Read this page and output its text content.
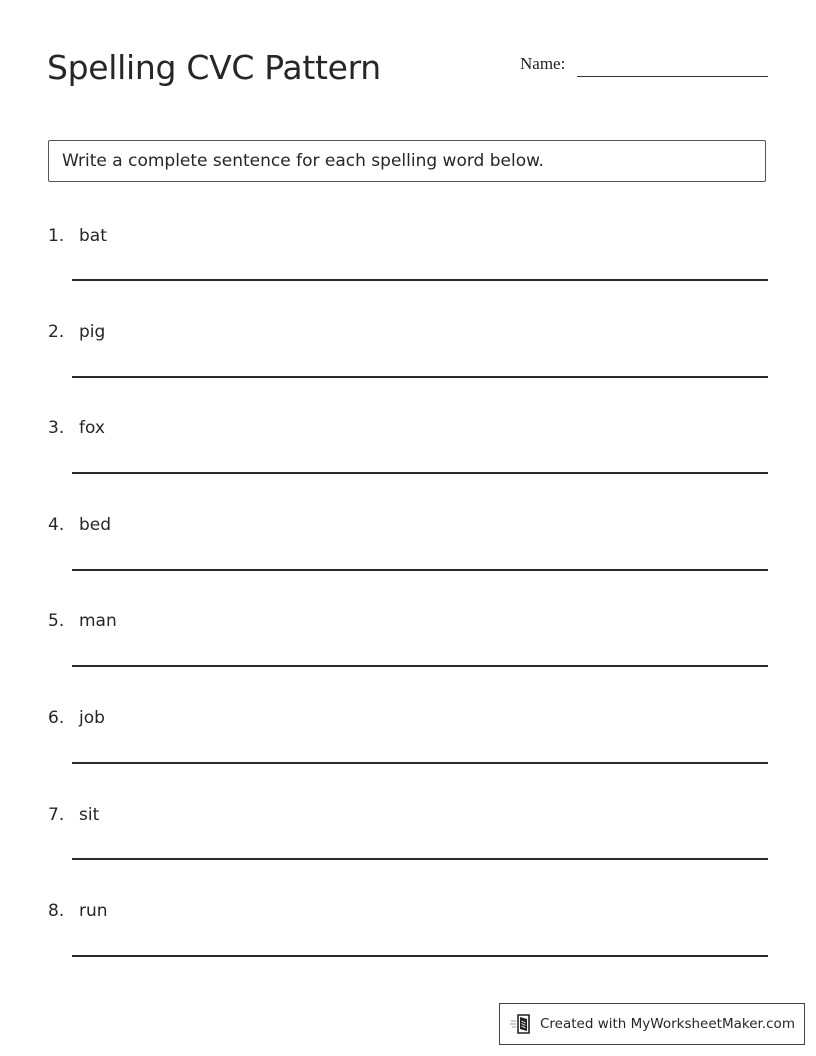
Spelling CVC Pattern	Name:
Write a complete sentence for each spelling word below.
1. bat
2. pig
3. fox
4. bed
5. man
6. job
7. sit
8. run
Created with MyWorksheetMaker.com
